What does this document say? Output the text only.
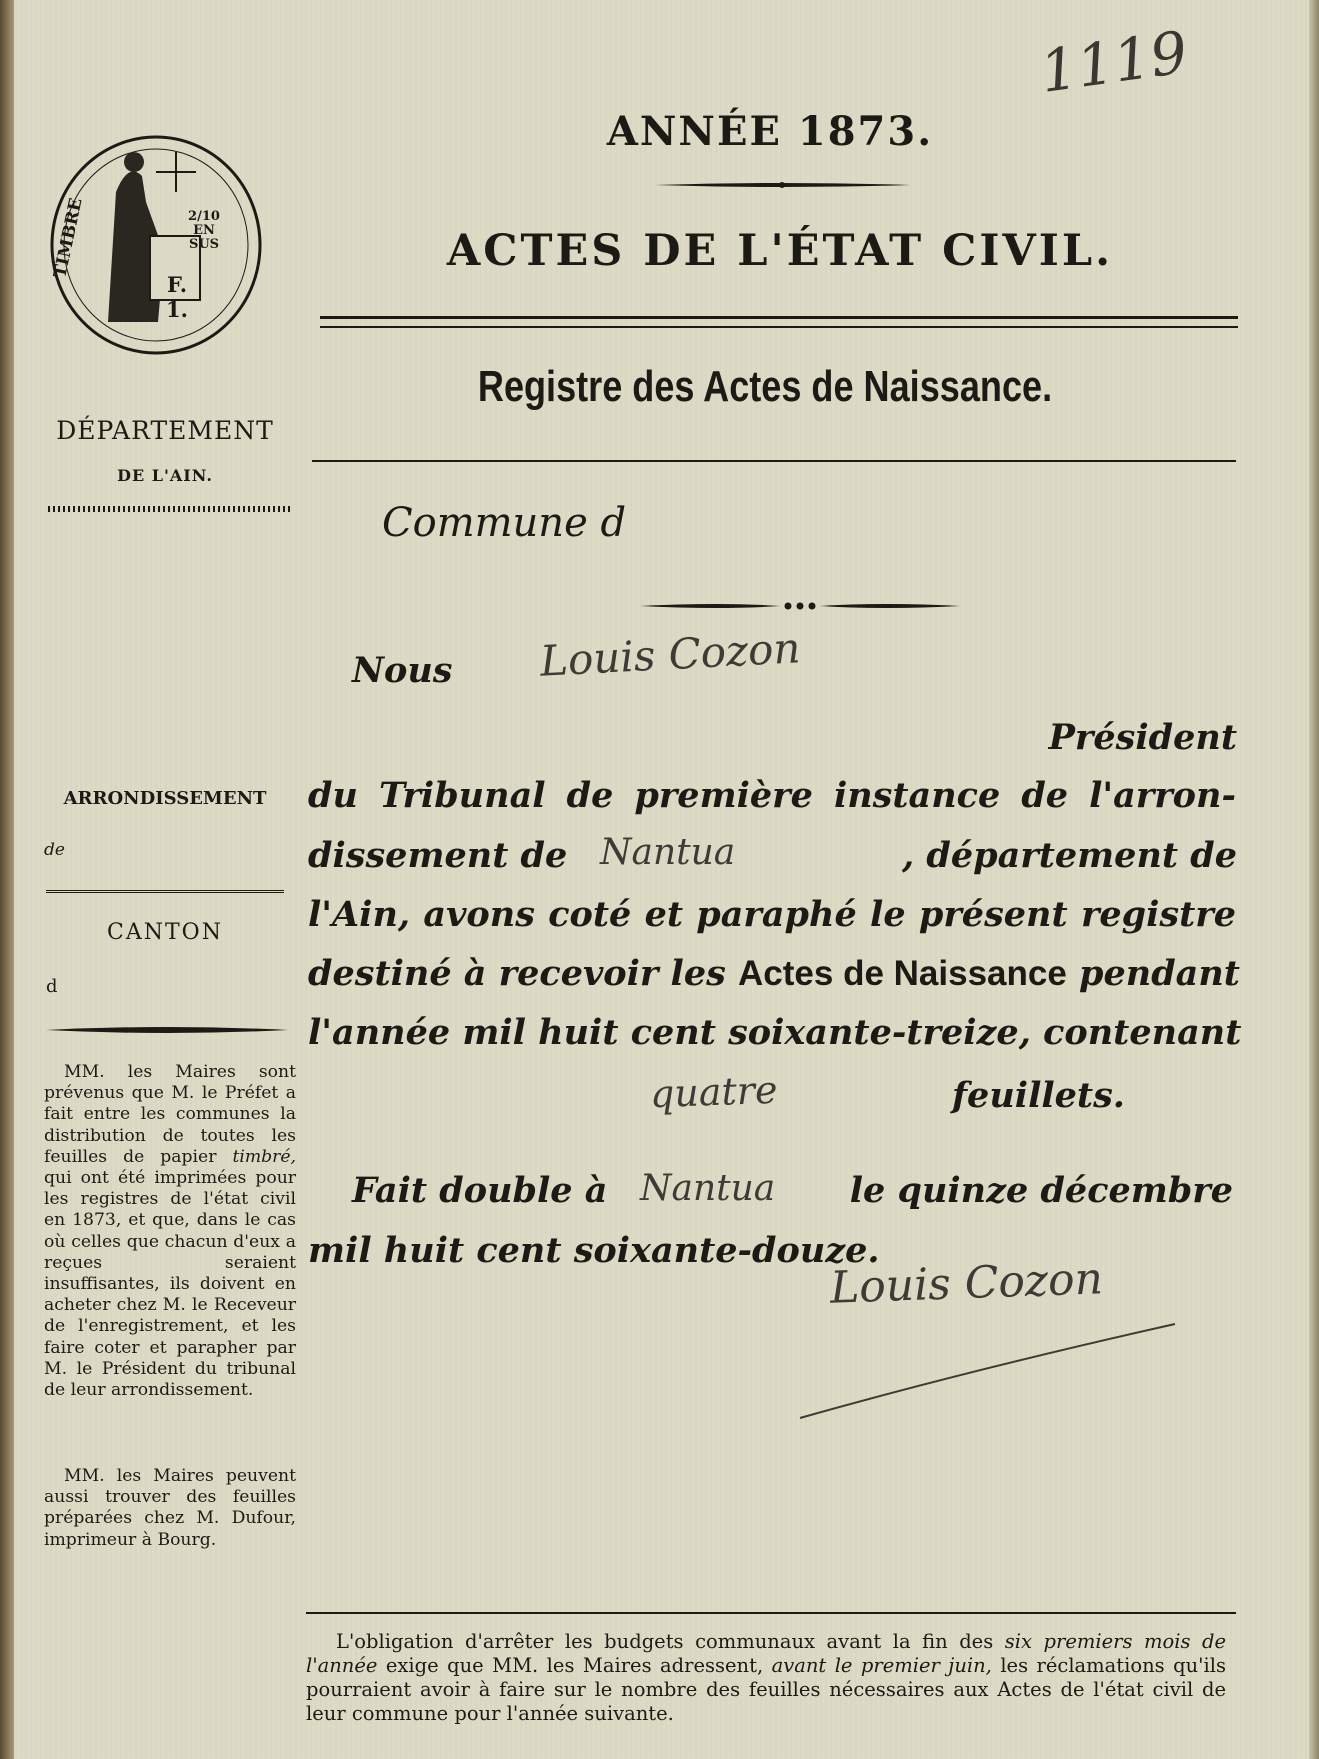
1119
ANNÉE 1873.
ACTES DE L'ÉTAT CIVIL.
Registre des Actes de Naissance.
Commune d
Nous Louis Cozon
Président
du Tribunal de première instance de l'arron-
dissement de Nantua	, département de
l'Ain, avons coté et paraphé le présent registre
destiné à recevoir les Actes de Naissance pendant
l'année mil huit cent soixante-treize, contenant
quatre	feuillets.
Fait double à Nantua le quinze décembre
mil huit cent soixante-douze.
Louis Cozon
TIMBRE	2/10 EN SUS
F. 1.
DÉPARTEMENT
DE L'AIN.
ARRONDISSEMENT
de
CANTON
d
MM. les Maires sont prévenus que M. le Préfet a fait entre les communes la distribution de toutes les feuilles de papier timbré, qui ont été imprimées pour les registres de l'état civil en 1873, et que, dans le cas où celles que chacun d'eux a reçues seraient insuffisantes, ils doivent en acheter chez M. le Receveur de l'enregistrement, et les faire coter et parapher par M. le Président du tribunal de leur arrondissement.
MM. les Maires peuvent aussi trouver des feuilles préparées chez M. Dufour, imprimeur à Bourg.
L'obligation d'arrêter les budgets communaux avant la fin des six premiers mois de l'année exige que MM. les Maires adressent, avant le premier juin, les réclamations qu'ils pourraient avoir à faire sur le nombre des feuilles nécessaires aux Actes de l'état civil de leur commune pour l'année suivante.
